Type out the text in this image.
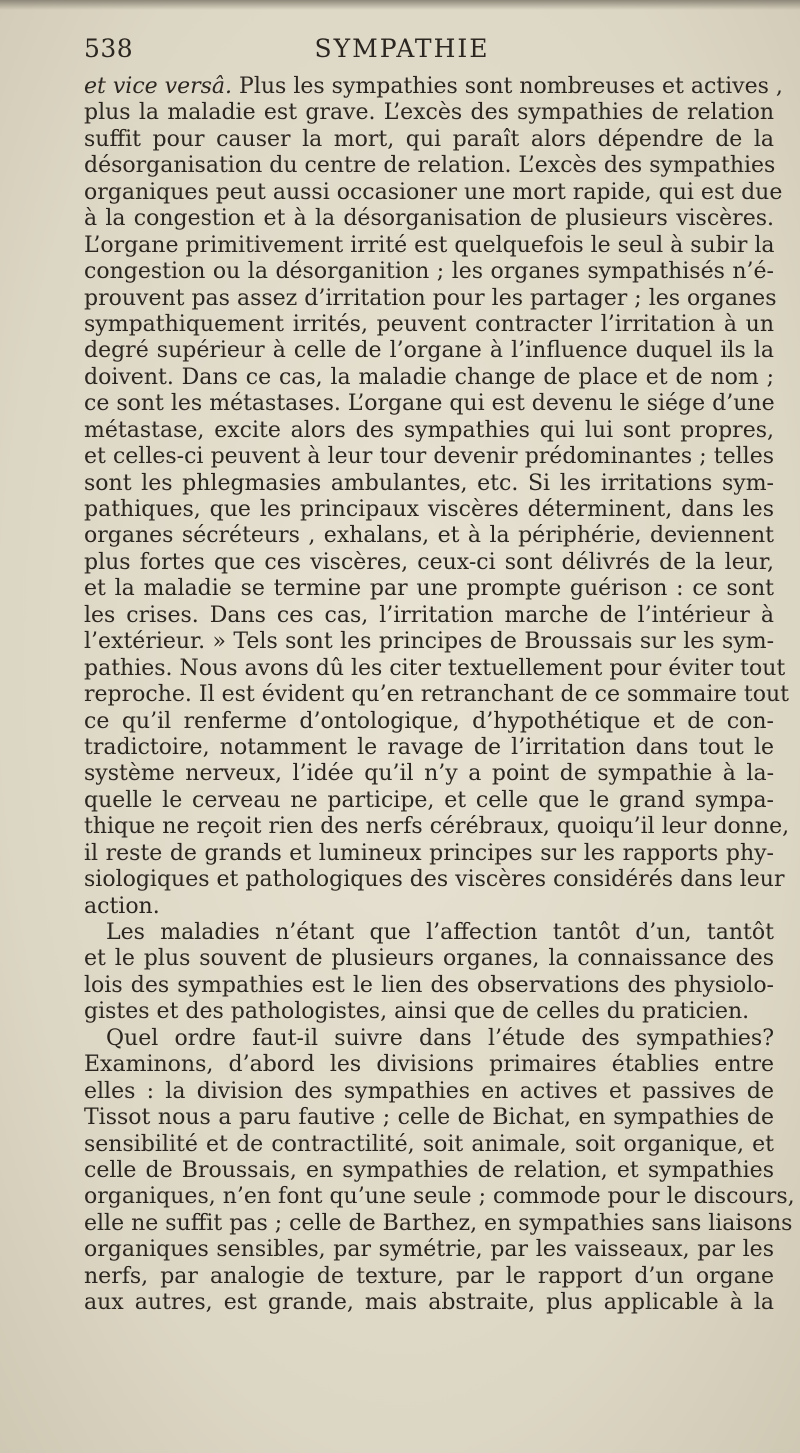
538	SYMPATHIE
et vice versâ. Plus les sympathies sont nombreuses et actives ,
plus la maladie est grave. L’excès des sympathies de relation
suffit pour causer la mort, qui paraît alors dépendre de la
désorganisation du centre de relation. L’excès des sympathies
organiques peut aussi occasioner une mort rapide, qui est due
à la congestion et à la désorganisation de plusieurs viscères.
L’organe primitivement irrité est quelquefois le seul à subir la
congestion ou la désorganition ; les organes sympathisés n’é-
prouvent pas assez d’irritation pour les partager ; les organes
sympathiquement irrités, peuvent contracter l’irritation à un
degré supérieur à celle de l’organe à l’influence duquel ils la
doivent. Dans ce cas, la maladie change de place et de nom ;
ce sont les métastases. L’organe qui est devenu le siége d’une
métastase, excite alors des sympathies qui lui sont propres,
et celles-ci peuvent à leur tour devenir prédominantes ; telles
sont les phlegmasies ambulantes, etc. Si les irritations sym-
pathiques, que les principaux viscères déterminent, dans les
organes sécréteurs , exhalans, et à la périphérie, deviennent
plus fortes que ces viscères, ceux-ci sont délivrés de la leur,
et la maladie se termine par une prompte guérison : ce sont
les crises. Dans ces cas, l’irritation marche de l’intérieur à
l’extérieur. » Tels sont les principes de Broussais sur les sym-
pathies. Nous avons dû les citer textuellement pour éviter tout
reproche. Il est évident qu’en retranchant de ce sommaire tout
ce qu’il renferme d’ontologique, d’hypothétique et de con-
tradictoire, notamment le ravage de l’irritation dans tout le
système nerveux, l’idée qu’il n’y a point de sympathie à la-
quelle le cerveau ne participe, et celle que le grand sympa-
thique ne reçoit rien des nerfs cérébraux, quoiqu’il leur donne,
il reste de grands et lumineux principes sur les rapports phy-
siologiques et pathologiques des viscères considérés dans leur
action.
Les maladies n’étant que l’affection tantôt d’un, tantôt
et le plus souvent de plusieurs organes, la connaissance des
lois des sympathies est le lien des observations des physiolo-
gistes et des pathologistes, ainsi que de celles du praticien.
Quel ordre faut-il suivre dans l’étude des sympathies?
Examinons, d’abord les divisions primaires établies entre
elles : la division des sympathies en actives et passives de
Tissot nous a paru fautive ; celle de Bichat, en sympathies de
sensibilité et de contractilité, soit animale, soit organique, et
celle de Broussais, en sympathies de relation, et sympathies
organiques, n’en font qu’une seule ; commode pour le discours,
elle ne suffit pas ; celle de Barthez, en sympathies sans liaisons
organiques sensibles, par symétrie, par les vaisseaux, par les
nerfs, par analogie de texture, par le rapport d’un organe
aux autres, est grande, mais abstraite, plus applicable à la
